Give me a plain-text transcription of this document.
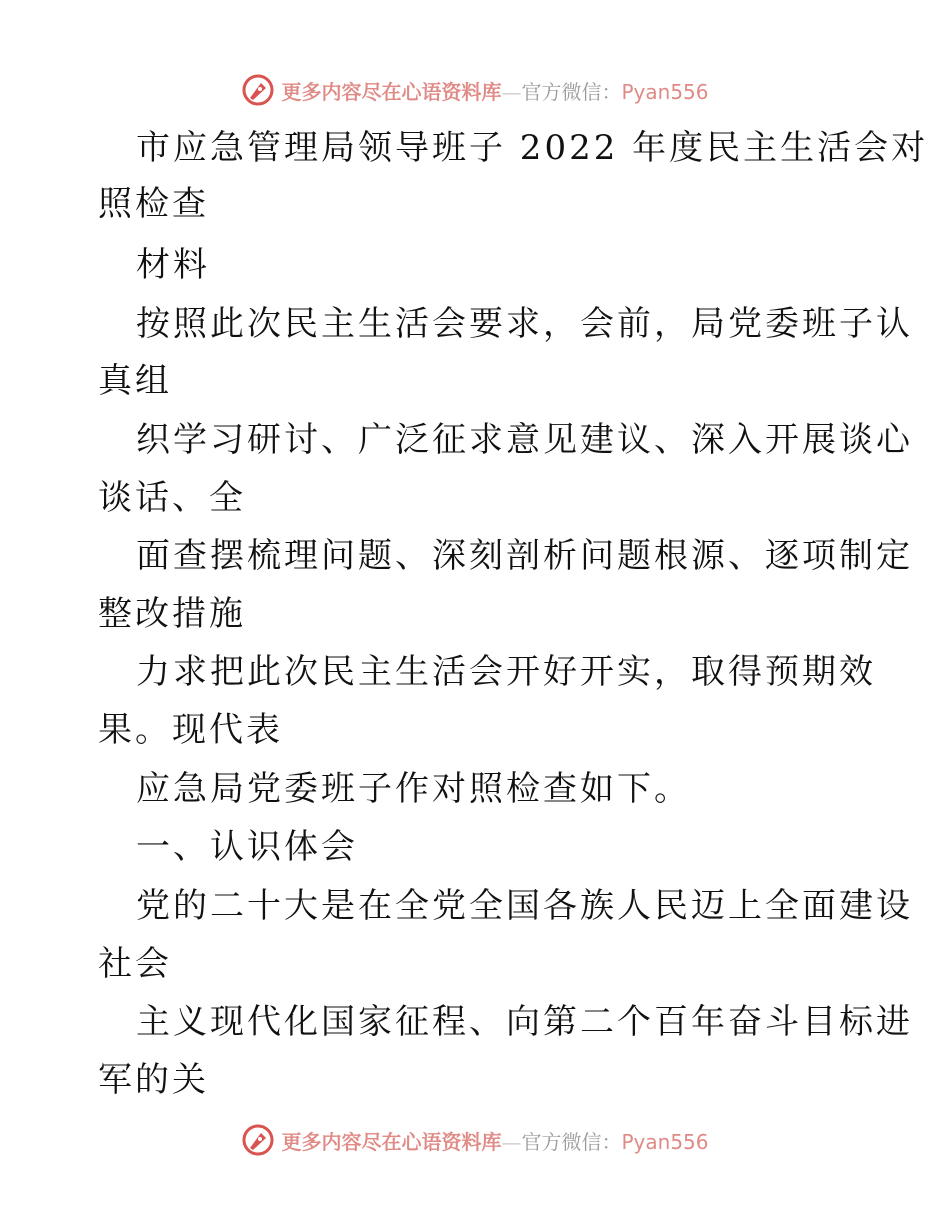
更多内容尽在心语资料库—官方微信：Pyan556
市应急管理局领导班子 2022 年度民主生活会对
照检查
材料
按照此次民主生活会要求，会前，局党委班子认
真组
织学习研讨、广泛征求意见建议、深入开展谈心
谈话、全
面查摆梳理问题、深刻剖析问题根源、逐项制定
整改措施
力求把此次民主生活会开好开实，取得预期效
果。现代表
应急局党委班子作对照检查如下。
一、认识体会
党的二十大是在全党全国各族人民迈上全面建设
社会
主义现代化国家征程、向第二个百年奋斗目标进
军的关
更多内容尽在心语资料库—官方微信：Pyan556
